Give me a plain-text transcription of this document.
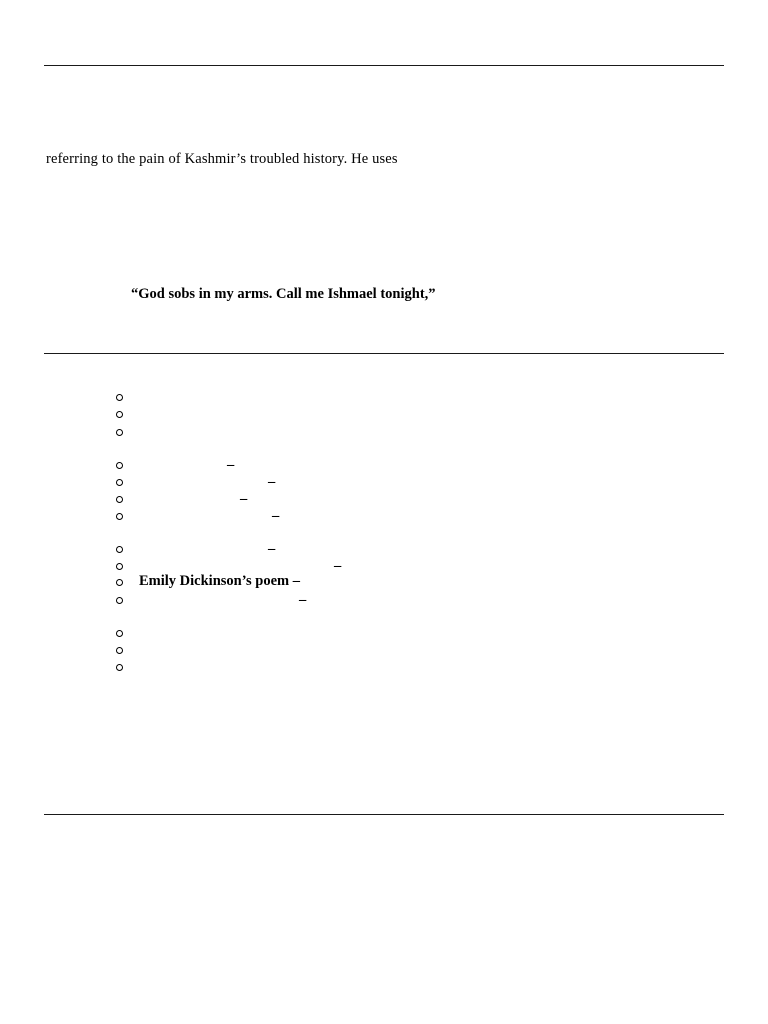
referring to the pain of Kashmir’s troubled history. He uses
“God sobs in my arms. Call me Ishmael tonight,”
–
–
–
–
–
–
Emily Dickinson’s poem –
–
